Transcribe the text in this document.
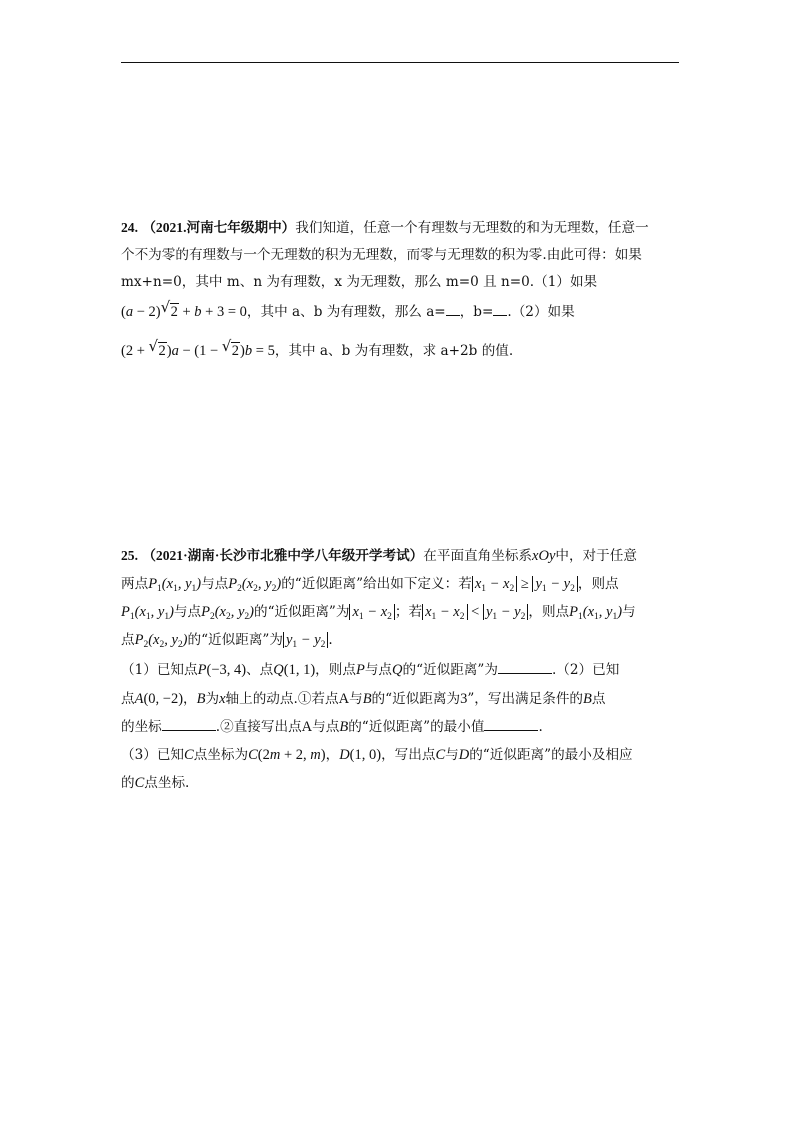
24. （2021.河南七年级期中）我们知道，任意一个有理数与无理数的和为无理数，任意一
个不为零的有理数与一个无理数的积为无理数，而零与无理数的积为零.由此可得：如果
mx+n=0，其中 m、n 为有理数，x 为无理数，那么 m=0 且 n=0.（1）如果
(a − 2) √ 2 + b + 3 = 0，其中 a、b 为有理数，那么 a= ，b= .（2）如果
(2 + √ 2)a − (1 − √ 2)b = 5，其中 a、b 为有理数，求 a+2b 的值.
25. （2021·湖南·长沙市北雅中学八年级开学考试）在平面直角坐标系xOy中，对于任意
两点$P_1(x_1$, $y_1$)与点$P_2(x_2$, $y_2$)的“近似距离”给出如下定义：若 $x_1 - x_2 \ge y_1 - y_2$ ，则点
$P_1(x_1$, $y_1$)与点$P_2(x_2$, $y_2$)的“近似距离”为 $x_1 - x_2$ ；若 $x_1 - x_2 < y_1 - y_2$ ，则点$P_1(x_1$, $y_1$)与
点$P_2(x_2$, $y_2$)的“近似距离”为 $y_1 - y_2$ .
（1）已知点P(−3, 4)、点Q(1, 1)，则点P与点Q的“近似距离”为	.（2）已知
点A(0, −2)，B为x轴上的动点.①若点A与B的“近似距离为3”，写出满足条件的B点
的坐标	.②直接写出点A与点B的“近似距离”的最小值	.
（3）已知C点坐标为C(2m + 2, m)，D(1, 0)，写出点C与D的“近似距离”的最小及相应
的C点坐标.
